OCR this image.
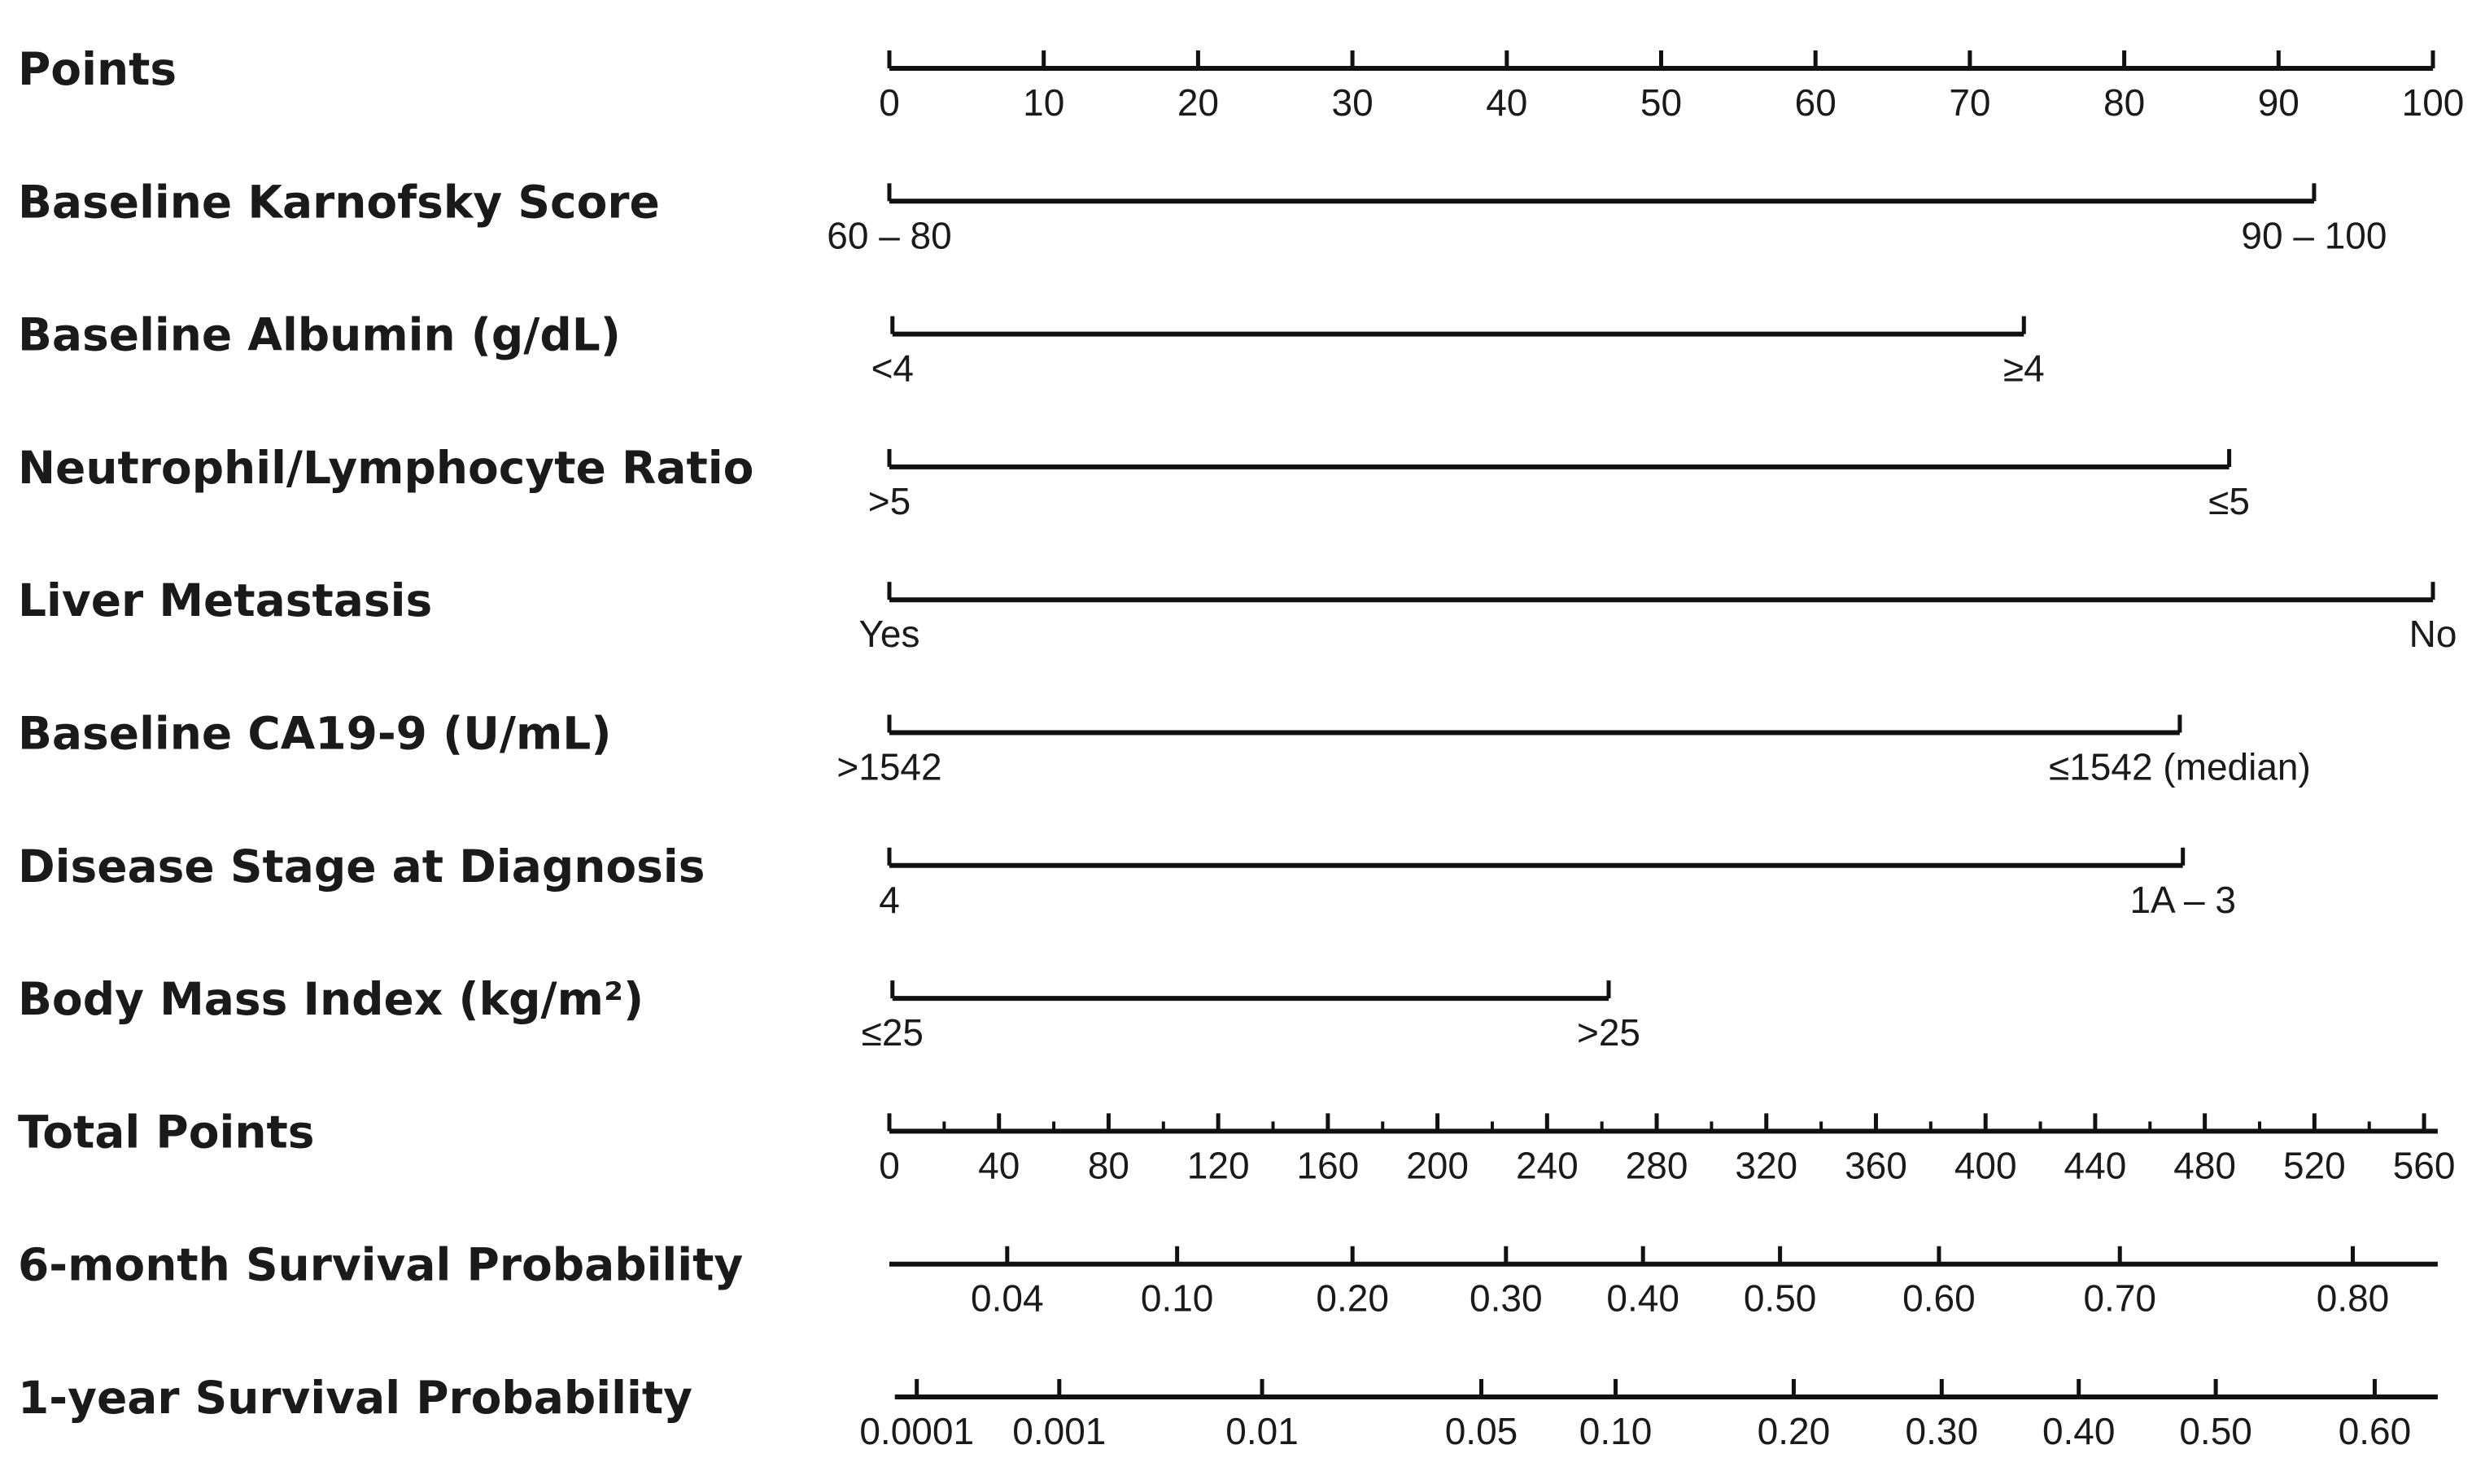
Points
Baseline Karnofsky Score
Baseline Albumin (g/dL)
Neutrophil/Lymphocyte Ratio
Liver Metastasis
Baseline CA19-9 (U/mL)
Disease Stage at Diagnosis
Body Mass Index (kg/m²)
Total Points
6-month Survival Probability
1-year Survival Probability
0	10	20	30	40	50	60	70	80	90	100
60 – 80	90 – 100
<4	≥4
>5	≤5
Yes	No
>1542	≤1542 (median)
4	1A – 3
≤25	>25
0 40 80 120 160 200 240 280 320 360 400 440 480 520 560
0.04	0.10	0.20 0.30 0.40 0.50 0.60	0.70	0.80
0.0001 0.001	0.01	0.05 0.10	0.20 0.30 0.40 0.50 0.60
